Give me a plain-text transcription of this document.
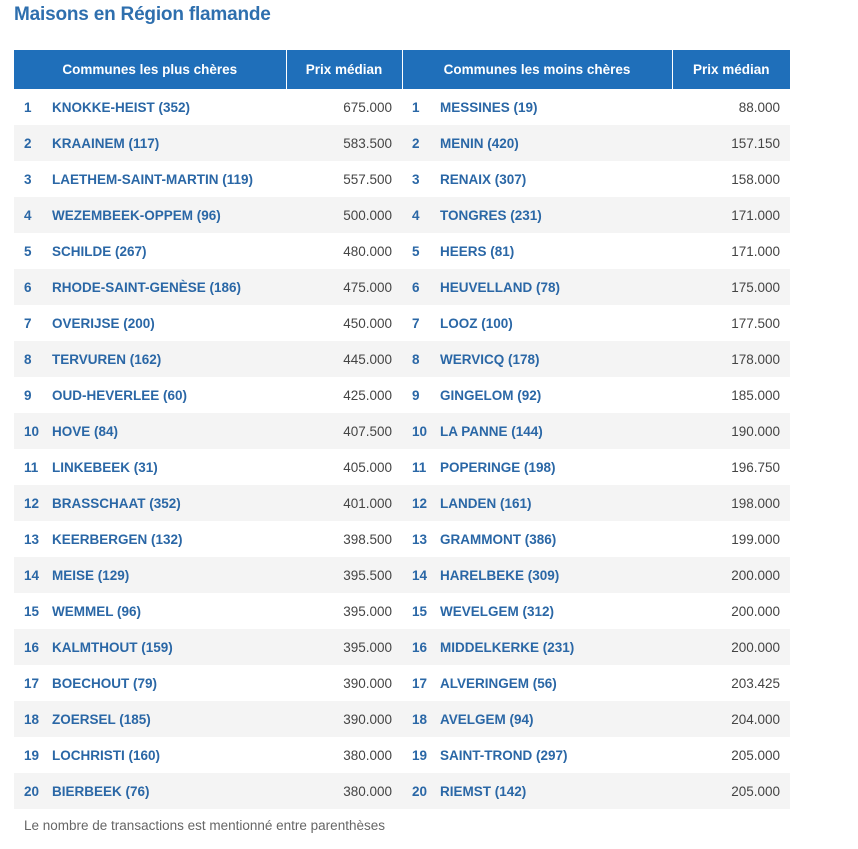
Maisons en Région flamande
Communes les plus chères		Prix médian	Communes les moins chères		Prix médian
1	KNOKKE-HEIST (352)	675.000	1	MESSINES (19)	88.000
2	KRAAINEM (117)	583.500	2	MENIN (420)	157.150
3	LAETHEM-SAINT-MARTIN (119)	557.500	3	RENAIX (307)	158.000
4	WEZEMBEEK-OPPEM (96)	500.000	4	TONGRES (231)	171.000
5	SCHILDE (267)	480.000	5	HEERS (81)	171.000
6	RHODE-SAINT-GENÈSE (186)	475.000	6	HEUVELLAND (78)	175.000
7	OVERIJSE (200)	450.000	7	LOOZ (100)	177.500
8	TERVUREN (162)	445.000	8	WERVICQ (178)	178.000
9	OUD-HEVERLEE (60)	425.000	9	GINGELOM (92)	185.000
10	HOVE (84)	407.500	10	LA PANNE (144)	190.000
11	LINKEBEEK (31)	405.000	11	POPERINGE (198)	196.750
12	BRASSCHAAT (352)	401.000	12	LANDEN (161)	198.000
13	KEERBERGEN (132)	398.500	13	GRAMMONT (386)	199.000
14	MEISE (129)	395.500	14	HARELBEKE (309)	200.000
15	WEMMEL (96)	395.000	15	WEVELGEM (312)	200.000
16	KALMTHOUT (159)	395.000	16	MIDDELKERKE (231)	200.000
17	BOECHOUT (79)	390.000	17	ALVERINGEM (56)	203.425
18	ZOERSEL (185)	390.000	18	AVELGEM (94)	204.000
19	LOCHRISTI (160)	380.000	19	SAINT-TROND (297)	205.000
20	BIERBEEK (76)	380.000	20	RIEMST (142)	205.000
Le nombre de transactions est mentionné entre parenthèses
